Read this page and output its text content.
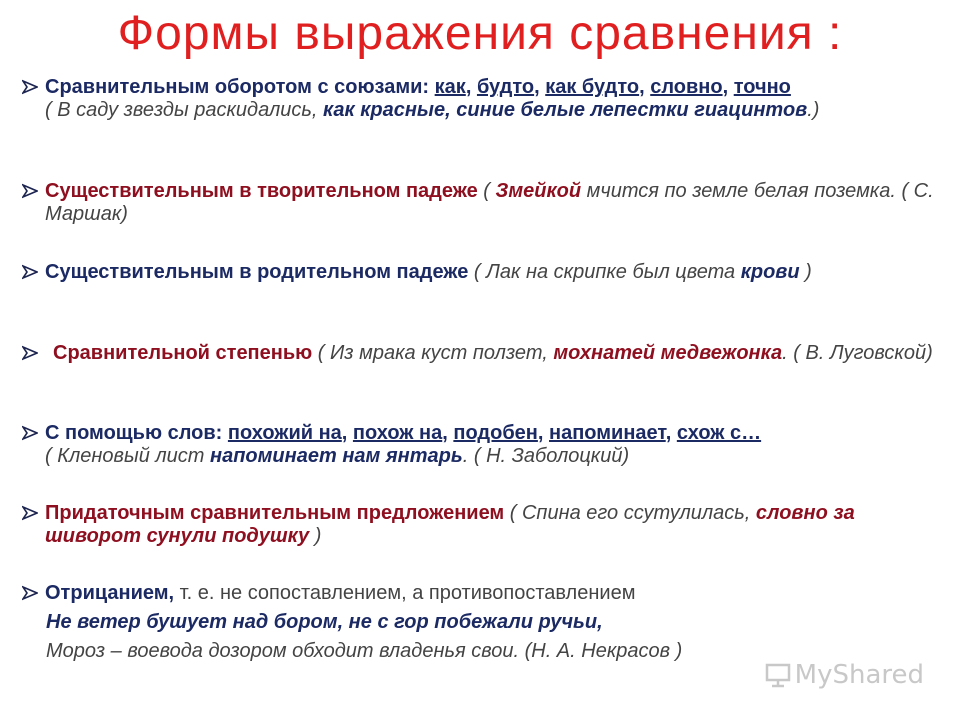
Формы выражения сравнения :
Сравнительным оборотом с союзами: как, будто, как будто, словно, точно
( В саду звезды раскидались, как красные, синие белые лепестки гиацинтов.)
Существительным в творительном падеже ( Змейкой мчится по земле белая поземка. ( С. Маршак)
Существительным в родительном падеже ( Лак на скрипке был цвета крови )
Сравнительной степенью ( Из мрака куст ползет, мохнатей медвежонка. ( В. Луговской)
С помощью слов: похожий на, похож на, подобен, напоминает, схож с…
( Кленовый лист напоминает нам янтарь. ( Н. Заболоцкий)
Придаточным сравнительным предложением ( Спина его ссутулилась, словно за шиворот сунули подушку )
Отрицанием, т. е. не сопоставлением, а противопоставлением
Не ветер бушует над бором, не с гор побежали ручьи,
Мороз – воевода дозором обходит владенья свои. (Н. А. Некрасов )
MyShared
